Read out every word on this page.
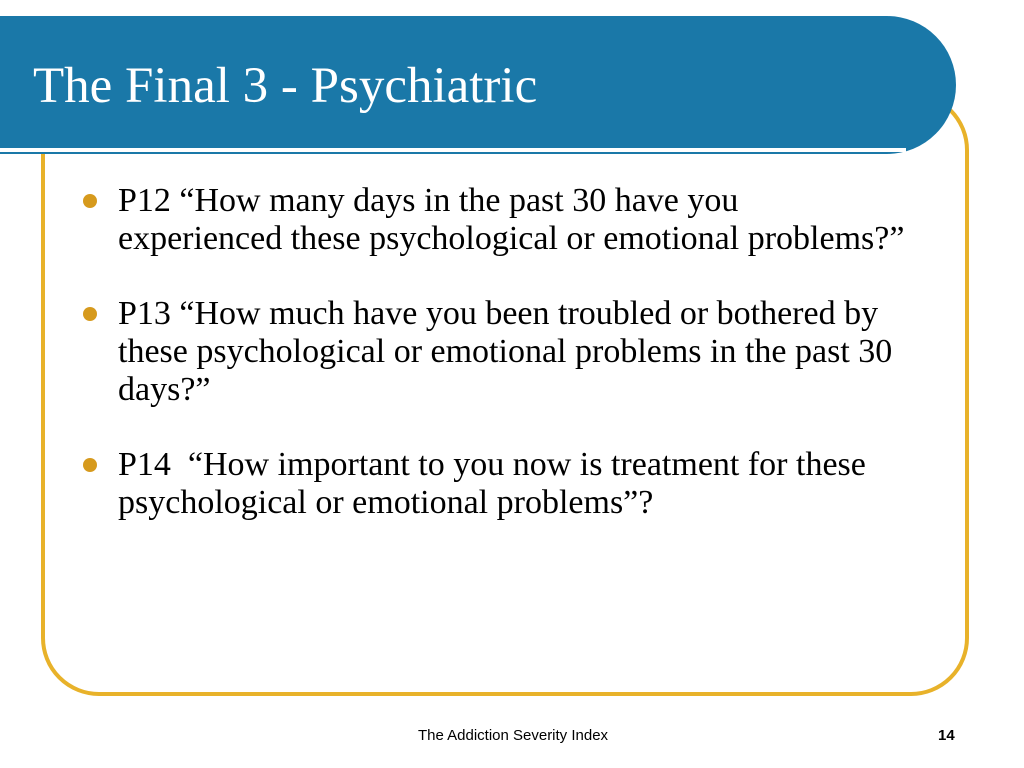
The Final 3 - Psychiatric
P12 “How many days in the past 30 have you experienced these psychological or emotional problems?”
P13 “How much have you been troubled or bothered by these psychological or emotional problems in the past 30 days?”
P14  “How important to you now is treatment for these psychological or emotional problems”?

The Addiction Severity Index	14
